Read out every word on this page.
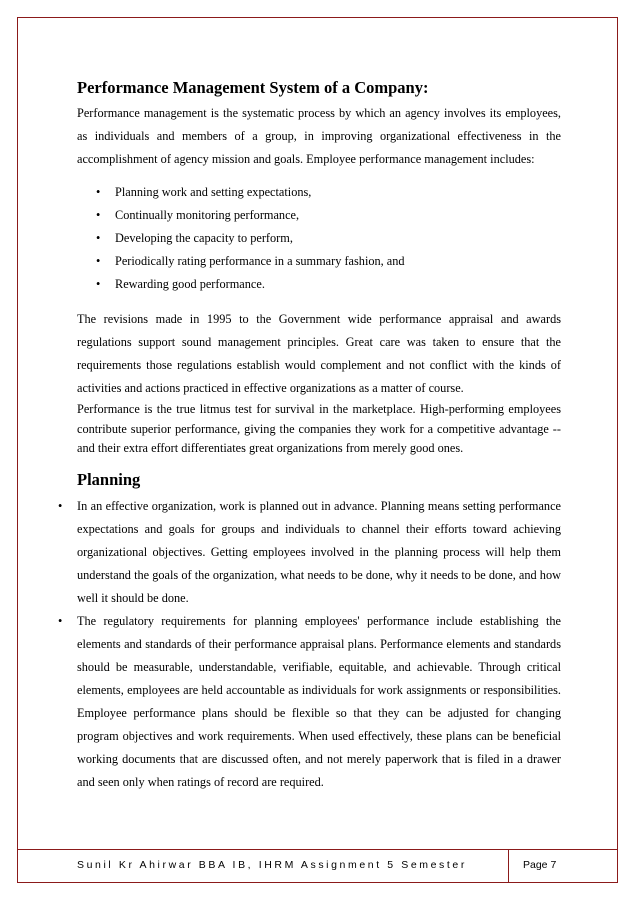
Performance Management System of a Company:

Performance management is the systematic process by which an agency involves its employees, as individuals and members of a group, in improving organizational effectiveness in the accomplishment of agency mission and goals. Employee performance management includes:

• Planning work and setting expectations,
• Continually monitoring performance,
• Developing the capacity to perform,
• Periodically rating performance in a summary fashion, and
• Rewarding good performance.

The revisions made in 1995 to the Government wide performance appraisal and awards regulations support sound management principles. Great care was taken to ensure that the requirements those regulations establish would complement and not conflict with the kinds of activities and actions practiced in effective organizations as a matter of course.

Performance is the true litmus test for survival in the marketplace. High-performing employees contribute superior performance, giving the companies they work for a competitive advantage -- and their extra effort differentiates great organizations from merely good ones.

Planning
• In an effective organization, work is planned out in advance. Planning means setting performance expectations and goals for groups and individuals to channel their efforts toward achieving organizational objectives. Getting employees involved in the planning process will help them understand the goals of the organization, what needs to be done, why it needs to be done, and how well it should be done.
• The regulatory requirements for planning employees' performance include establishing the elements and standards of their performance appraisal plans. Performance elements and standards should be measurable, understandable, verifiable, equitable, and achievable. Through critical elements, employees are held accountable as individuals for work assignments or responsibilities. Employee performance plans should be flexible so that they can be adjusted for changing program objectives and work requirements. When used effectively, these plans can be beneficial working documents that are discussed often, and not merely paperwork that is filed in a drawer and seen only when ratings of record are required.
Sunil Kr Ahirwar BBA IB, IHRM Assignment 5 Semester	Page 7
